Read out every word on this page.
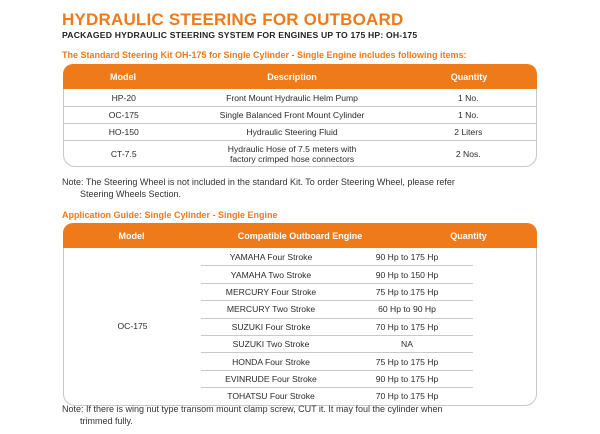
HYDRAULIC STEERING FOR OUTBOARD
PACKAGED HYDRAULIC STEERING SYSTEM FOR ENGINES UP TO 175 HP: OH-175
The Standard Steering Kit OH-175 for Single Cylinder - Single Engine includes following items:
Model	Description	Quantity
HP-20	Front Mount Hydraulic Helm Pump	1 No.
OC-175	Single Balanced Front Mount Cylinder	1 No.
HO-150	Hydraulic Steering Fluid	2 Liters
CT-7.5	Hydraulic Hose of 7.5 meters with
factory crimped hose connectors	2 Nos.
Note: The Steering Wheel is not included in the standard Kit. To order Steering Wheel, please refer
Steering Wheels Section.
Application Guide: Single Cylinder - Single Engine
Model	Compatible Outboard Engine	Quantity
OC-175
YAMAHA Four Stroke	90 Hp to 175 Hp
YAMAHA Two Stroke	90 Hp to 150 Hp
MERCURY Four Stroke	75 Hp to 175 Hp
MERCURY Two Stroke	60 Hp to 90 Hp
SUZUKI Four Stroke	70 Hp to 175 Hp
SUZUKI Two Stroke	NA
HONDA Four Stroke	75 Hp to 175 Hp
EVINRUDE Four Stroke	90 Hp to 175 Hp
TOHATSU Four Stroke	70 Hp to 175 Hp
Note: If there is wing nut type transom mount clamp screw, CUT it. It may foul the cylinder when
trimmed fully.
